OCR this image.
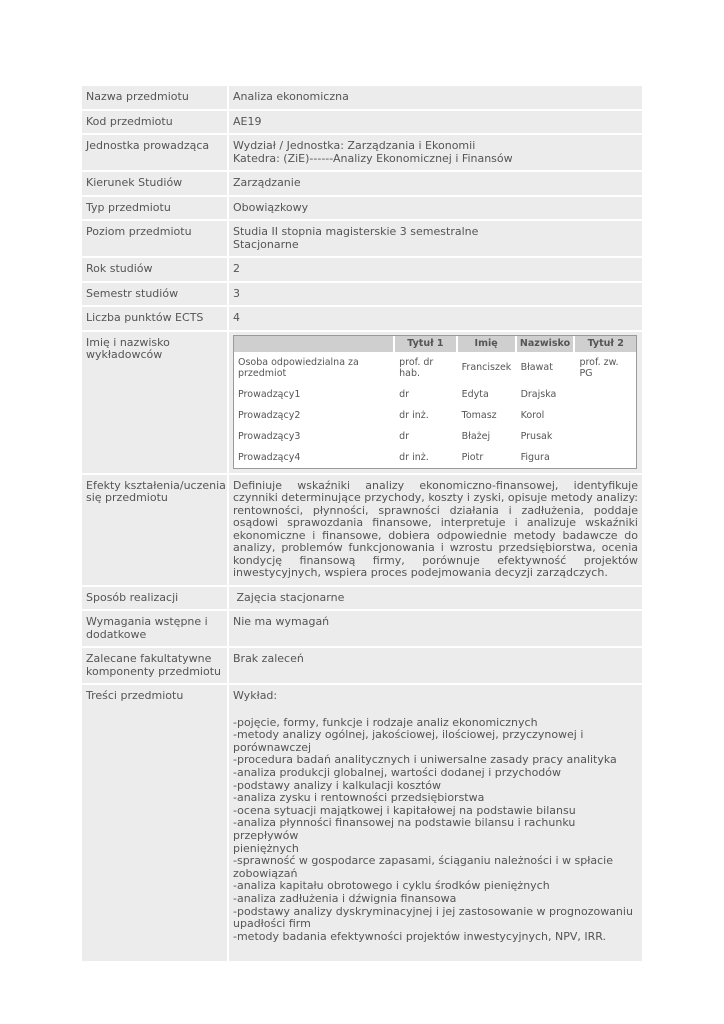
Nazwa przedmiotu	Analiza ekonomiczna
Kod przedmiotu	AE19
Jednostka prowadząca	Wydział / Jednostka: Zarządzania i Ekonomii
Katedra: (ZiE)------Analizy Ekonomicznej i Finansów
Kierunek Studiów	Zarządzanie
Typ przedmiotu	Obowiązkowy
Poziom przedmiotu	Studia II stopnia magisterskie 3 semestralne
Stacjonarne
Rok studiów	2
Semestr studiów	3
Liczba punktów ECTS	4
Imię i nazwisko
wykładowców
	Tytuł 1	Imię	Nazwisko	Tytuł 2
Osoba odpowiedzialna za przedmiot	prof. dr hab.	Franciszek	Bławat	prof. zw. PG
Prowadzący1	dr	Edyta	Drajska	
Prowadzący2	dr inż.	Tomasz	Korol	
Prowadzący3	dr	Błażej	Prusak	
Prowadzący4	dr inż.	Piotr	Figura	
Efekty kształenia/uczenia
się przedmiotu
Definiuje wskaźniki analizy ekonomiczno-finansowej, identyfikuje czynniki determinujące przychody, koszty i zyski, opisuje metody analizy: rentowności, płynności, sprawności działania i zadłużenia, poddaje osądowi sprawozdania finansowe, interpretuje i analizuje wskaźniki ekonomiczne i finansowe, dobiera odpowiednie metody badawcze do analizy, problemów funkcjonowania i wzrostu przedsiębiorstwa, ocenia kondycję finansową firmy, porównuje efektywność projektów inwestycyjnych, wspiera proces podejmowania decyzji zarządczych.
Sposób realizacji	Zajęcia stacjonarne
Wymagania wstępne i
dodatkowe
Nie ma wymagań
Zalecane fakultatywne
komponenty przedmiotu
Brak zaleceń
Treści przedmiotu	Wykład:
-pojęcie, formy, funkcje i rodzaje analiz ekonomicznych
-metody analizy ogólnej, jakościowej, ilościowej, przyczynowej i
porównawczej
-procedura badań analitycznych i uniwersalne zasady pracy analityka
-analiza produkcji globalnej, wartości dodanej i przychodów
-podstawy analizy i kalkulacji kosztów
-analiza zysku i rentowności przedsiębiorstwa
-ocena sytuacji majątkowej i kapitałowej na podstawie bilansu
-analiza płynności finansowej na podstawie bilansu i rachunku przepływów
pieniężnych
-sprawność w gospodarce zapasami, ściąganiu należności i w spłacie
zobowiązań
-analiza kapitału obrotowego i cyklu środków pieniężnych
-analiza zadłużenia i dźwignia finansowa
-podstawy analizy dyskryminacyjnej i jej zastosowanie w prognozowaniu
upadłości firm
-metody badania efektywności projektów inwestycyjnych, NPV, IRR.
